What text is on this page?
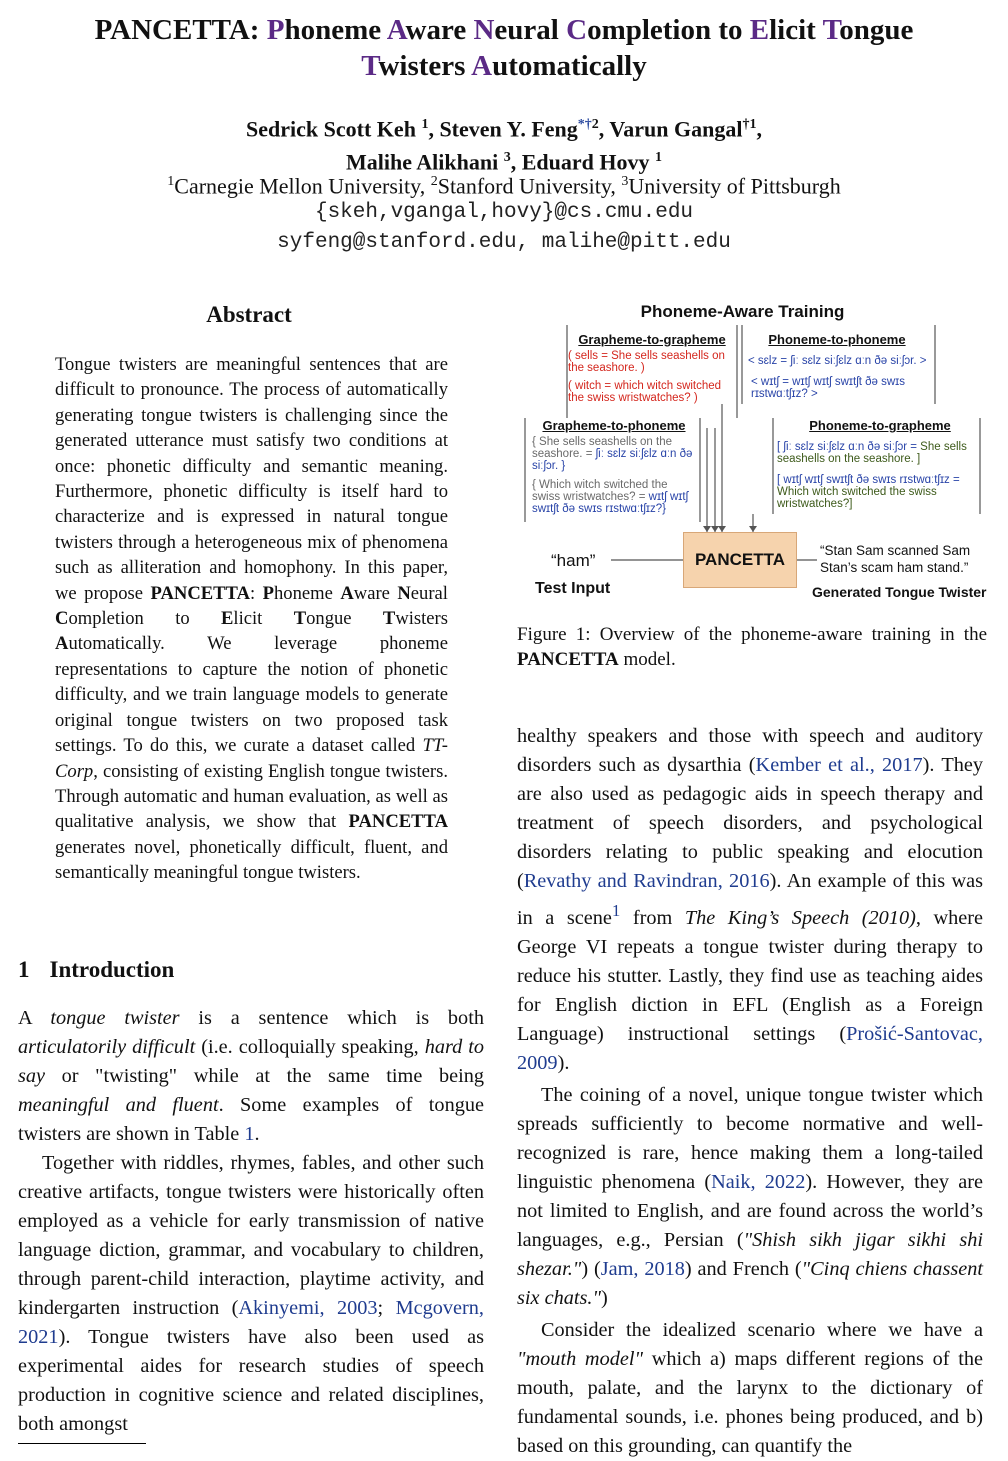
PANCETTA: Phoneme Aware Neural Completion to Elicit Tongue
Twisters Automatically
Sedrick Scott Keh $^1$, Steven Y. Feng$^{*\dagger 2}$, Varun Gangal$^{\dagger 1}$,
Malihe Alikhani $^3$, Eduard Hovy $^1$
$^1$Carnegie Mellon University, $^2$Stanford University, $^3$University of Pittsburgh
{skeh,vgangal,hovy}@cs.cmu.edu
syfeng@stanford.edu, malihe@pitt.edu
Abstract
Tongue twisters are meaningful sentences that are difficult to pronounce. The process of automatically generating tongue twisters is challenging since the generated utterance must satisfy two conditions at once: phonetic difficulty and semantic meaning. Furthermore, phonetic difficulty is itself hard to characterize and is expressed in natural tongue twisters through a heterogeneous mix of phenomena such as alliteration and homophony. In this paper, we propose PANCETTA: Phoneme Aware Neural Completion to Elicit Tongue Twisters Automatically. We leverage phoneme representations to capture the notion of phonetic difficulty, and we train language models to generate original tongue twisters on two proposed task settings. To do this, we curate a dataset called TT-Corp, consisting of existing English tongue twisters. Through automatic and human evaluation, as well as qualitative analysis, we show that PANCETTA generates novel, phonetically difficult, fluent, and semantically meaningful tongue twisters.
1 Introduction

A tongue twister is a sentence which is both articulatorily difficult (i.e. colloquially speaking, hard to say or "twisting" while at the same time being meaningful and fluent. Some examples of tongue twisters are shown in Table 1.

Together with riddles, rhymes, fables, and other such creative artifacts, tongue twisters were historically often employed as a vehicle for early transmission of native language diction, grammar, and vocabulary to children, through parent-child interaction, playtime activity, and kindergarten instruction (Akinyemi, 2003; Mcgovern, 2021). Tongue twisters have also been used as experimental aides for research studies of speech production in cognitive science and related disciplines, both amongst

Phoneme-Aware Training
Grapheme-to-grapheme
( sells = She sells seashells on the seashore. )
( witch = which witch switched the swiss wristwatches? )
Phoneme-to-phoneme
< sɛlz = ʃiː sɛlz siːʃɛlz ɑːn ðə siːʃɔr. >
< wɪtʃ = wɪtʃ wɪtʃ swɪtʃt ðə swɪs rɪstwɑːtʃɪz? >
Grapheme-to-phoneme
{ She sells seashells on the seashore. = ʃiː sɛlz siːʃɛlz ɑːn ðə siːʃɔr. }
{ Which witch switched the swiss wristwatches? = wɪtʃ wɪtʃ swɪtʃt ðə swɪs rɪstwɑːtʃɪz?}
Phoneme-to-grapheme
[ ʃiː sɛlz siːʃɛlz ɑːn ðə siːʃɔr = She sells seashells on the seashore. ]
[ wɪtʃ wɪtʃ swɪtʃt ðə swɪs rɪstwɑːtʃɪz = Which witch switched the swiss wristwatches?]
PANCETTA
“ham”
Test Input
“Stan Sam scanned Sam Stan’s scam ham stand.”
Generated Tongue Twister
Figure 1: Overview of the phoneme-aware training in the PANCETTA model.

healthy speakers and those with speech and auditory disorders such as dysarthia (Kember et al., 2017). They are also used as pedagogic aids in speech therapy and treatment of speech disorders, and psychological disorders relating to public speaking and elocution (Revathy and Ravindran, 2016). An example of this was in a scene$^1$ from The King’s Speech (2010), where George VI repeats a tongue twister during therapy to reduce his stutter. Lastly, they find use as teaching aides for English diction in EFL (English as a Foreign Language) instructional settings (Prošić-Santovac, 2009).

The coining of a novel, unique tongue twister which spreads sufficiently to become normative and well-recognized is rare, hence making them a long-tailed linguistic phenomena (Naik, 2022). However, they are not limited to English, and are found across the world’s languages, e.g., Persian ("Shish sikh jigar sikhi shi shezar.") (Jam, 2018) and French ("Cinq chiens chassent six chats.")

Consider the idealized scenario where we have a "mouth model" which a) maps different regions of the mouth, palate, and the larynx to the dictionary of fundamental sounds, i.e. phones being produced, and b) based on this grounding, can quantify the
